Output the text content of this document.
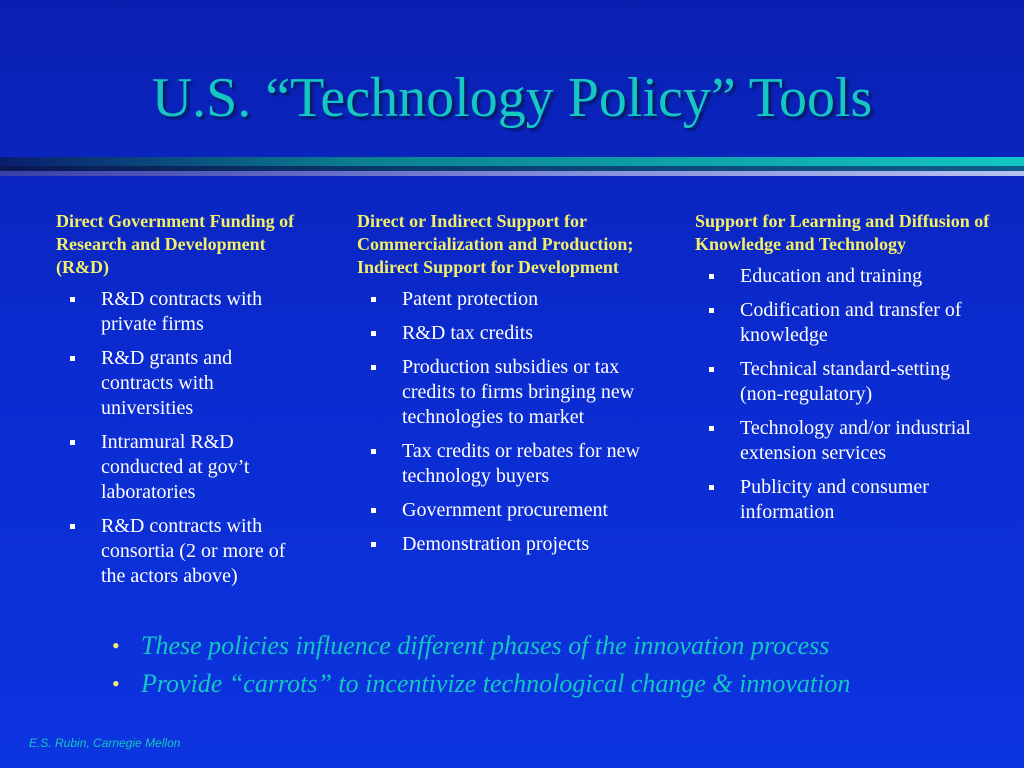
U.S. “Technology Policy” Tools

Direct Government Funding of Research and Development (R&D)

R&D contracts with private firms
R&D grants and contracts with universities
Intramural R&D conducted at gov’t laboratories
R&D contracts with consortia (2 or more of the actors above)

Direct or Indirect Support for Commercialization and Production; Indirect Support for Development

Patent protection
R&D tax credits
Production subsidies or tax credits to firms bringing new technologies to market
Tax credits or rebates for new technology buyers
Government procurement
Demonstration projects

Support for Learning and Diffusion of Knowledge and Technology

Education and training
Codification and transfer of knowledge
Technical standard-setting (non-regulatory)
Technology and/or industrial extension services
Publicity and consumer information
• These policies influence different phases of the innovation process
• Provide “carrots” to incentivize technological change & innovation
E.S. Rubin, Carnegie Mellon
